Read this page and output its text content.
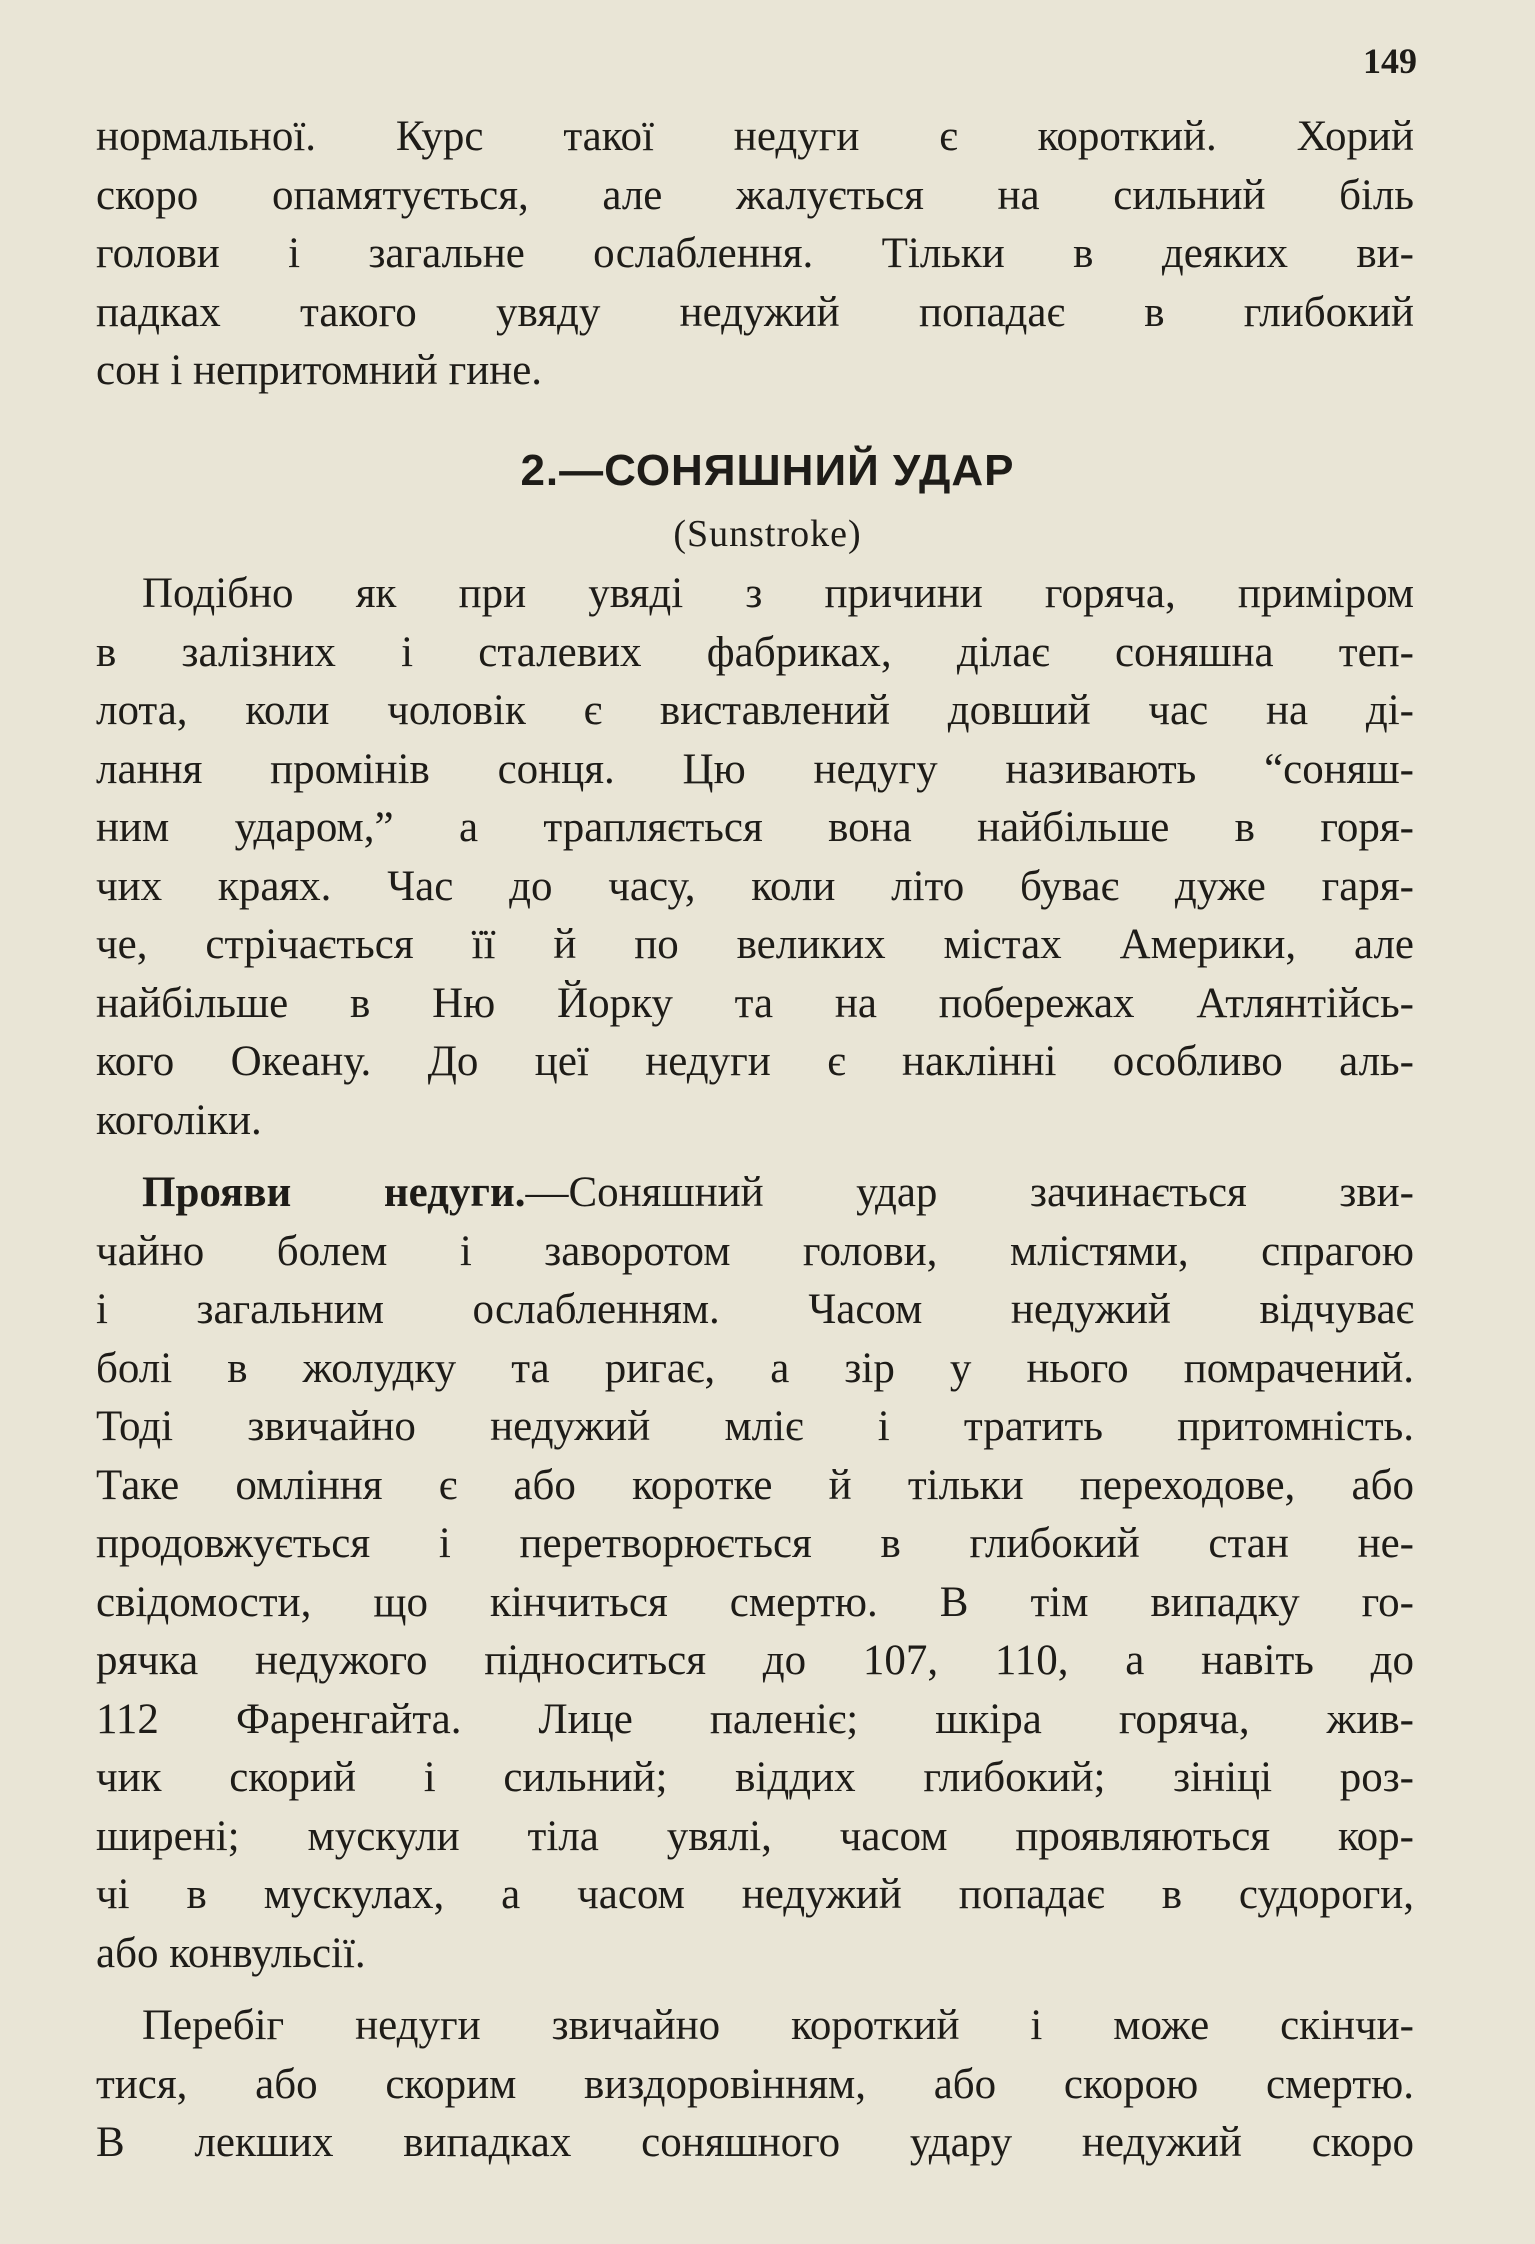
149

нормальної. Курс такої недуги є короткий. Хорий
скоро опамятується, але жалується на сильний біль
голови і загальне ослаблення. Тільки в деяких ви-
падках такого увяду недужий попадає в глибокий
сон і непритомний гине.

2.—СОНЯШНИЙ УДАР
(Sunstroke)

Подібно як при увяді з причини горяча, приміром
в залізних і сталевих фабриках, ділає соняшна теп-
лота, коли чоловік є виставлений довший час на ді-
лання промінів сонця. Цю недугу називають “соняш-
ним ударом,” а трапляється вона найбільше в горя-
чих краях. Час до часу, коли літо буває дуже гаря-
че, стрічається її й по великих містах Америки, але
найбільше в Ню Йорку та на побережах Атлянтійсь-
кого Океану. До цеї недуги є наклінні особливо аль-
коголіки.

Прояви недуги.—Соняшний удар зачинається зви-
чайно болем і заворотом голови, млістями, спрагою
і загальним ослабленням. Часом недужий відчуває
болі в жолудку та ригає, а зір у нього помрачений.
Тоді звичайно недужий мліє і тратить притомність.
Таке омління є або коротке й тільки переходове, або
продовжується і перетворюється в глибокий стан не-
свідомости, що кінчиться смертю. В тім випадку го-
рячка недужого підноситься до 107, 110, а навіть до
112 Фаренгайта. Лице паленіє; шкіра горяча, жив-
чик скорий і сильний; віддих глибокий; зініці роз-
ширені; мускули тіла увялі, часом проявляються кор-
чі в мускулах, а часом недужий попадає в судороги,
або конвульсії.

Перебіг недуги звичайно короткий і може скінчи-
тися, або скорим виздоровінням, або скорою смертю.
В лекших випадках соняшного удару недужий скоро
